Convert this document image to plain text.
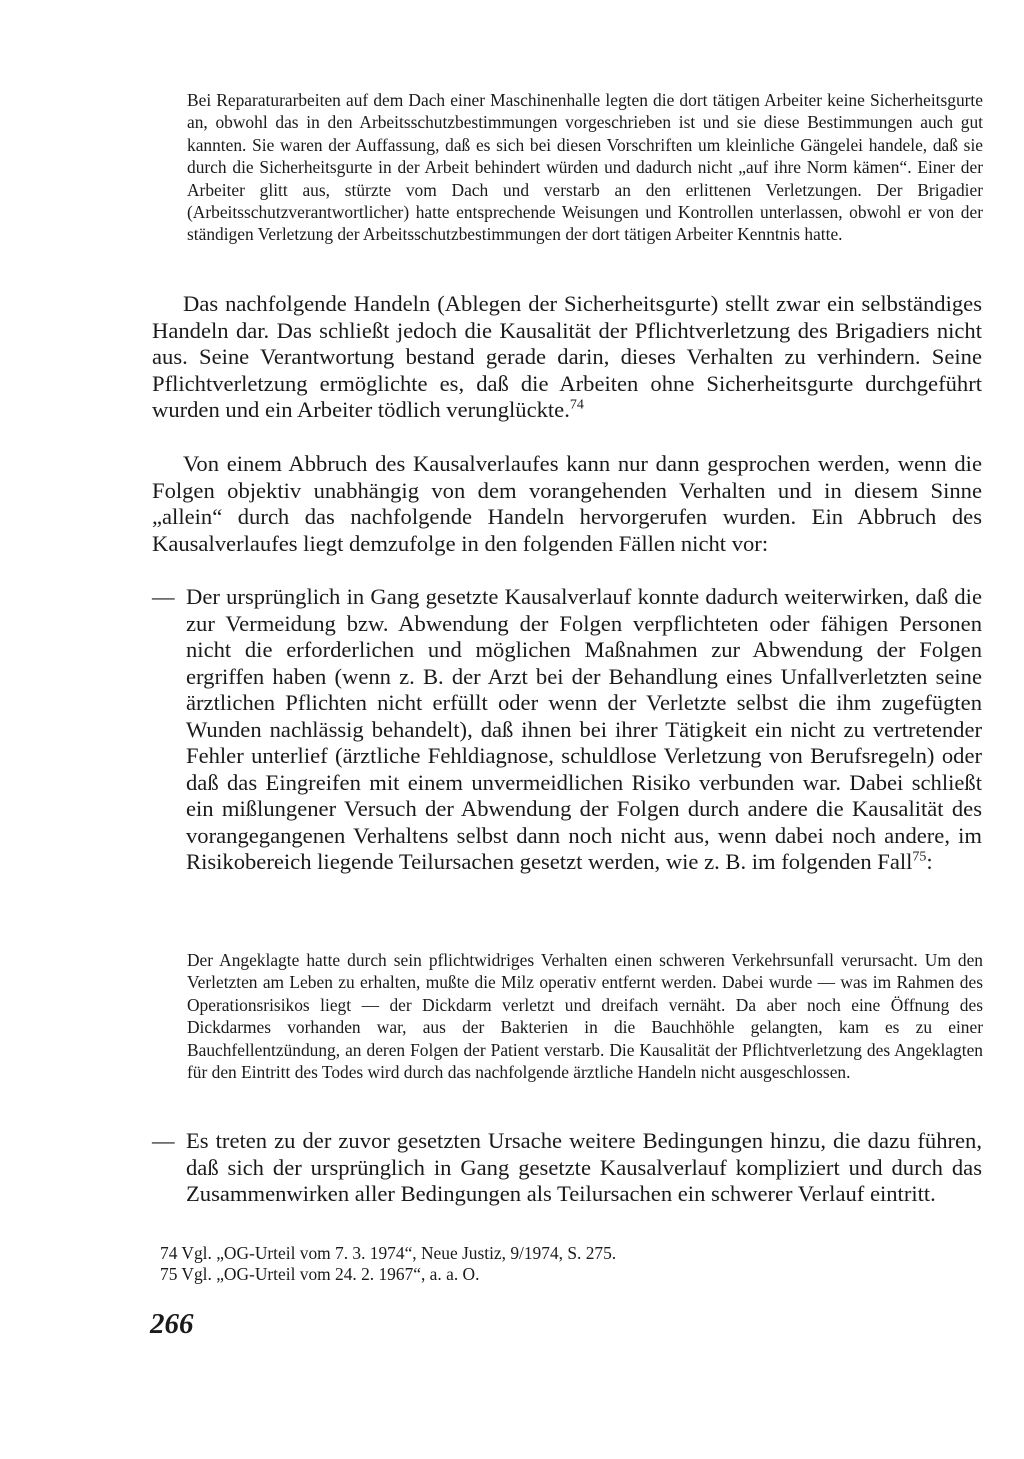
Bei Reparaturarbeiten auf dem Dach einer Maschinenhalle legten die dort tätigen Arbeiter keine Sicherheitsgurte an, obwohl das in den Arbeitsschutzbestimmungen vorgeschrieben ist und sie diese Bestimmungen auch gut kannten. Sie waren der Auffassung, daß es sich bei diesen Vorschriften um kleinliche Gängelei handele, daß sie durch die Sicherheitsgurte in der Arbeit behindert würden und dadurch nicht „auf ihre Norm kämen“. Einer der Arbeiter glitt aus, stürzte vom Dach und verstarb an den erlittenen Verletzungen. Der Brigadier (Arbeitsschutzverantwortlicher) hatte entsprechende Weisungen und Kontrollen unterlassen, obwohl er von der ständigen Verletzung der Arbeitsschutzbestimmungen der dort tätigen Arbeiter Kenntnis hatte.

Das nachfolgende Handeln (Ablegen der Sicherheitsgurte) stellt zwar ein selbständiges Handeln dar. Das schließt jedoch die Kausalität der Pflichtverletzung des Brigadiers nicht aus. Seine Verantwortung bestand gerade darin, dieses Verhalten zu verhindern. Seine Pflichtverletzung ermöglichte es, daß die Arbeiten ohne Sicherheitsgurte durchgeführt wurden und ein Arbeiter tödlich verunglückte.$^{74}$

Von einem Abbruch des Kausalverlaufes kann nur dann gesprochen werden, wenn die Folgen objektiv unabhängig von dem vorangehenden Verhalten und in diesem Sinne „allein“ durch das nachfolgende Handeln hervorgerufen wurden. Ein Abbruch des Kausalverlaufes liegt demzufolge in den folgenden Fällen nicht vor:

— Der ursprünglich in Gang gesetzte Kausalverlauf konnte dadurch weiterwirken, daß die zur Vermeidung bzw. Abwendung der Folgen verpflichteten oder fähigen Personen nicht die erforderlichen und möglichen Maßnahmen zur Abwendung der Folgen ergriffen haben (wenn z. B. der Arzt bei der Behandlung eines Unfallverletzten seine ärztlichen Pflichten nicht erfüllt oder wenn der Verletzte selbst die ihm zugefügten Wunden nachlässig behandelt), daß ihnen bei ihrer Tätigkeit ein nicht zu vertretender Fehler unterlief (ärztliche Fehldiagnose, schuldlose Verletzung von Berufsregeln) oder daß das Eingreifen mit einem unvermeidlichen Risiko verbunden war. Dabei schließt ein mißlungener Versuch der Abwendung der Folgen durch andere die Kausalität des vorangegangenen Verhaltens selbst dann noch nicht aus, wenn dabei noch andere, im Risikobereich liegende Teilursachen gesetzt werden, wie z. B. im folgenden Fall$^{75}$:

Der Angeklagte hatte durch sein pflichtwidriges Verhalten einen schweren Verkehrsunfall verursacht. Um den Verletzten am Leben zu erhalten, mußte die Milz operativ entfernt werden. Dabei wurde — was im Rahmen des Operationsrisikos liegt — der Dickdarm verletzt und dreifach vernäht. Da aber noch eine Öffnung des Dickdarmes vorhanden war, aus der Bakterien in die Bauchhöhle gelangten, kam es zu einer Bauchfellentzündung, an deren Folgen der Patient verstarb. Die Kausalität der Pflichtverletzung des Angeklagten für den Eintritt des Todes wird durch das nachfolgende ärztliche Handeln nicht ausgeschlossen.

— Es treten zu der zuvor gesetzten Ursache weitere Bedingungen hinzu, die dazu führen, daß sich der ursprünglich in Gang gesetzte Kausalverlauf kompliziert und durch das Zusammenwirken aller Bedingungen als Teilursachen ein schwerer Verlauf eintritt.
74 Vgl. „OG-Urteil vom 7. 3. 1974“, Neue Justiz, 9/1974, S. 275.
75 Vgl. „OG-Urteil vom 24. 2. 1967“, a. a. O.
266
